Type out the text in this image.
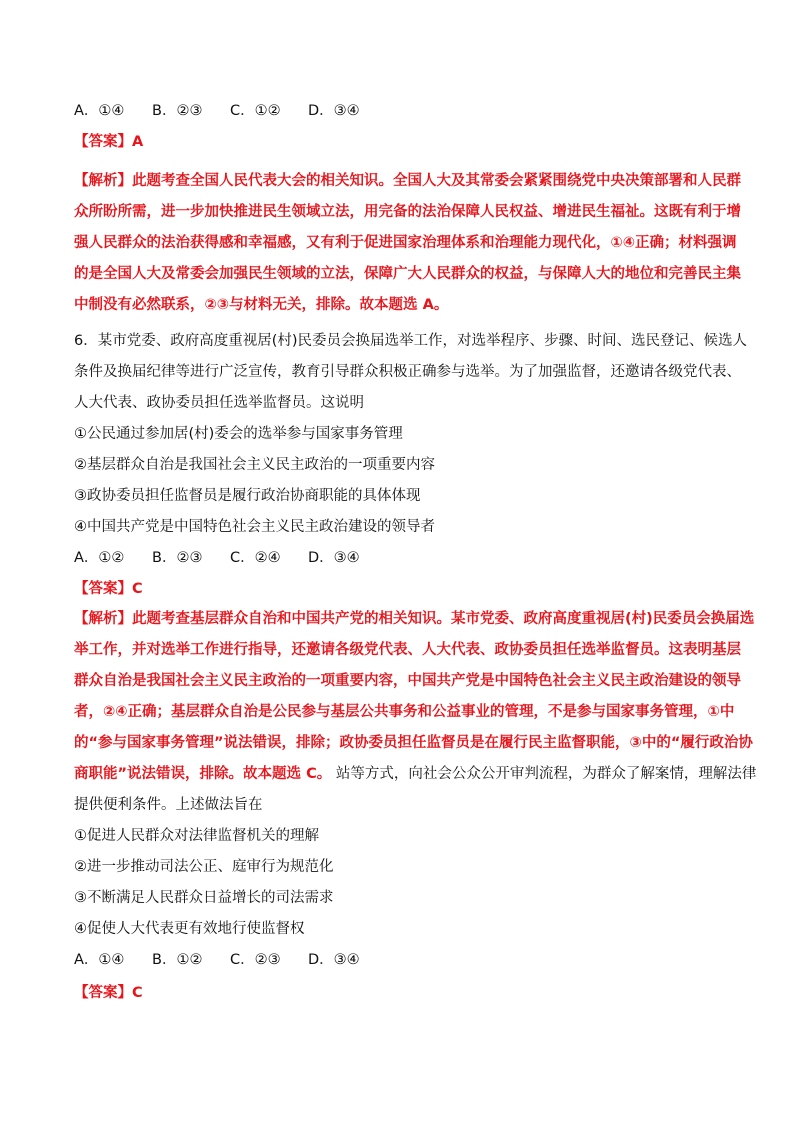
A．①④ B．②③ C．①② D．③④
【答案】A
【解析】此题考查全国人民代表大会的相关知识。全国人大及其常委会紧紧围绕党中央决策部署和人民群
众所盼所需，进一步加快推进民生领域立法，用完备的法治保障人民权益、增进民生福祉。这既有利于增
强人民群众的法治获得感和幸福感，又有利于促进国家治理体系和治理能力现代化，①④正确；材料强调
的是全国人大及常委会加强民生领域的立法，保障广大人民群众的权益，与保障人大的地位和完善民主集
中制没有必然联系，②③与材料无关，排除。故本题选 A。
6．某市党委、政府高度重视居(村)民委员会换届选举工作，对选举程序、步骤、时间、选民登记、候选人
条件及换届纪律等进行广泛宣传，教育引导群众积极正确参与选举。为了加强监督，还邀请各级党代表、
人大代表、政协委员担任选举监督员。这说明
①公民通过参加居(村)委会的选举参与国家事务管理
②基层群众自治是我国社会主义民主政治的一项重要内容
③政协委员担任监督员是履行政治协商职能的具体体现
④中国共产党是中国特色社会主义民主政治建设的领导者
A．①② B．②③ C．②④ D．③④
【答案】C
【解析】此题考查基层群众自治和中国共产党的相关知识。某市党委、政府高度重视居(村)民委员会换届选
举工作，并对选举工作进行指导，还邀请各级党代表、人大代表、政协委员担任选举监督员。这表明基层
群众自治是我国社会主义民主政治的一项重要内容，中国共产党是中国特色社会主义民主政治建设的领导
者，②④正确；基层群众自治是公民参与基层公共事务和公益事业的管理，不是参与国家事务管理，①中
的“参与国家事务管理”说法错误，排除；政协委员担任监督员是在履行民主监督职能，③中的“履行政治协
商职能”说法错误，排除。故本题选 C。 站等方式，向社会公众公开审判流程，为群众了解案情，理解法律
提供便利条件。上述做法旨在
①促进人民群众对法律监督机关的理解
②进一步推动司法公正、庭审行为规范化
③不断满足人民群众日益增长的司法需求
④促使人大代表更有效地行使监督权
A．①④ B．①② C．②③ D．③④
【答案】C
